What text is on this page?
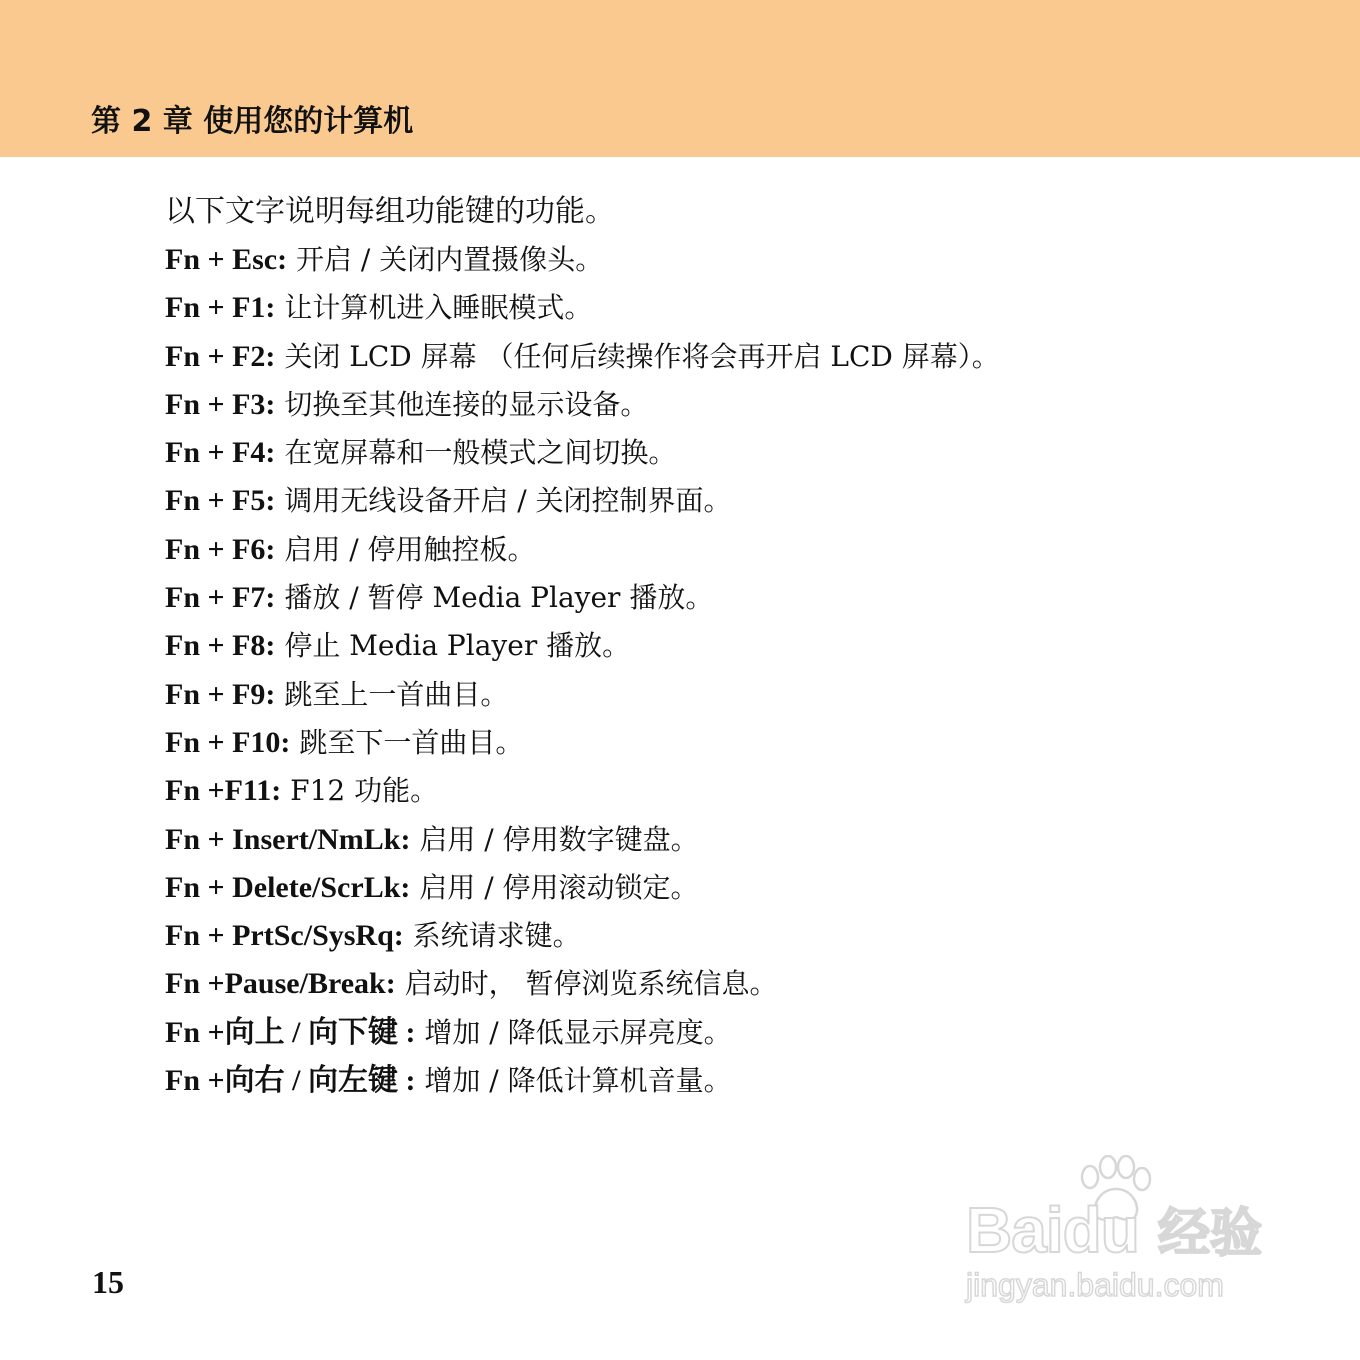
第 2 章 使用您的计算机
以下文字说明每组功能键的功能。
Fn + Esc: 开启 / 关闭内置摄像头。
Fn + F1: 让计算机进入睡眠模式。
Fn + F2: 关闭 LCD 屏幕 （任何后续操作将会再开启 LCD 屏幕）。
Fn + F3: 切换至其他连接的显示设备。
Fn + F4: 在宽屏幕和一般模式之间切换。
Fn + F5: 调用无线设备开启 / 关闭控制界面。
Fn + F6: 启用 / 停用触控板。
Fn + F7: 播放 / 暂停 Media Player 播放。
Fn + F8: 停止 Media Player 播放。
Fn + F9: 跳至上一首曲目。
Fn + F10: 跳至下一首曲目。
Fn +F11: F12 功能。
Fn + Insert/NmLk: 启用 / 停用数字键盘。
Fn + Delete/ScrLk: 启用 / 停用滚动锁定。
Fn + PrtSc/SysRq: 系统请求键。
Fn +Pause/Break: 启动时， 暂停浏览系统信息。
Fn +向上 / 向下键 : 增加 / 降低显示屏亮度。
Fn +向右 / 向左键 : 增加 / 降低计算机音量。
15
Baidu 经验
jingyan.baidu.com
